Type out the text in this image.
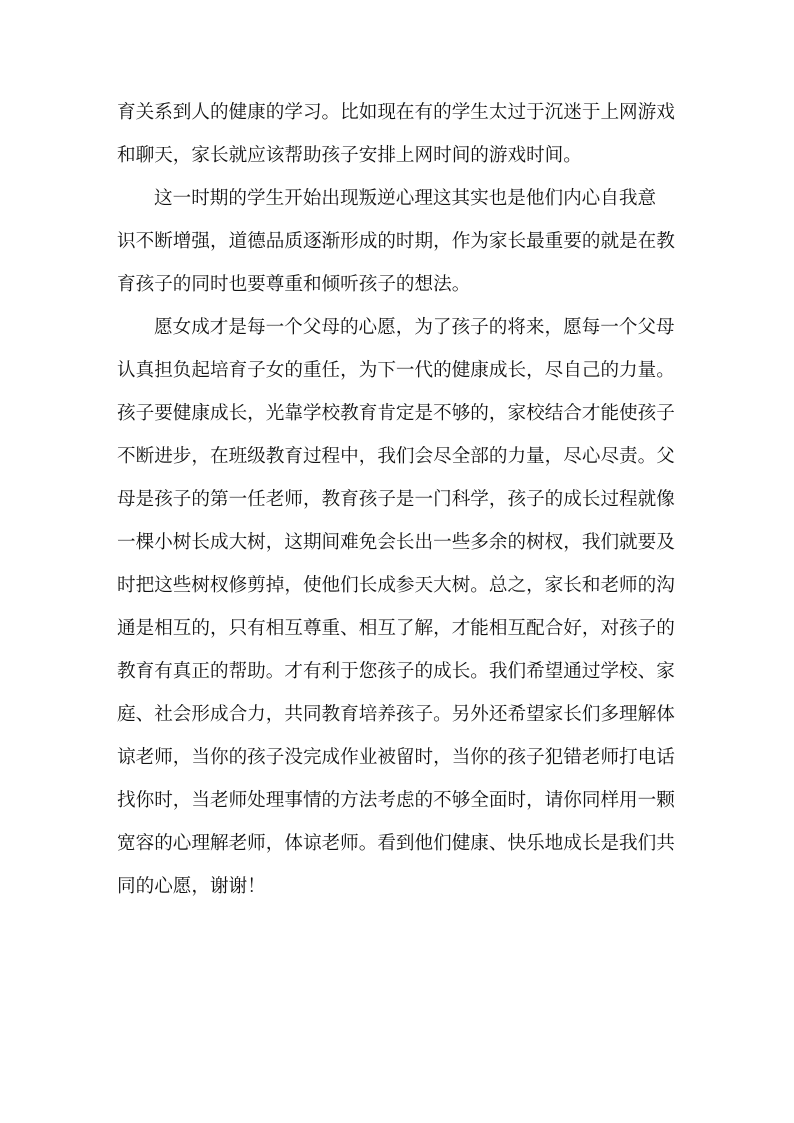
育关系到人的健康的学习。比如现在有的学生太过于沉迷于上网游戏
和聊天，家长就应该帮助孩子安排上网时间的游戏时间。
这一时期的学生开始出现叛逆心理这其实也是他们内心自我意
识不断增强，道德品质逐渐形成的时期，作为家长最重要的就是在教
育孩子的同时也要尊重和倾听孩子的想法。
愿女成才是每一个父母的心愿，为了孩子的将来，愿每一个父母
认真担负起培育子女的重任，为下一代的健康成长，尽自己的力量。
孩子要健康成长，光靠学校教育肯定是不够的，家校结合才能使孩子
不断进步，在班级教育过程中，我们会尽全部的力量，尽心尽责。父
母是孩子的第一任老师，教育孩子是一门科学，孩子的成长过程就像
一棵小树长成大树，这期间难免会长出一些多余的树杈，我们就要及
时把这些树杈修剪掉，使他们长成参天大树。总之，家长和老师的沟
通是相互的，只有相互尊重、相互了解，才能相互配合好，对孩子的
教育有真正的帮助。才有利于您孩子的成长。我们希望通过学校、家
庭、社会形成合力，共同教育培养孩子。另外还希望家长们多理解体
谅老师，当你的孩子没完成作业被留时，当你的孩子犯错老师打电话
找你时，当老师处理事情的方法考虑的不够全面时，请你同样用一颗
宽容的心理解老师，体谅老师。看到他们健康、快乐地成长是我们共
同的心愿，谢谢！
